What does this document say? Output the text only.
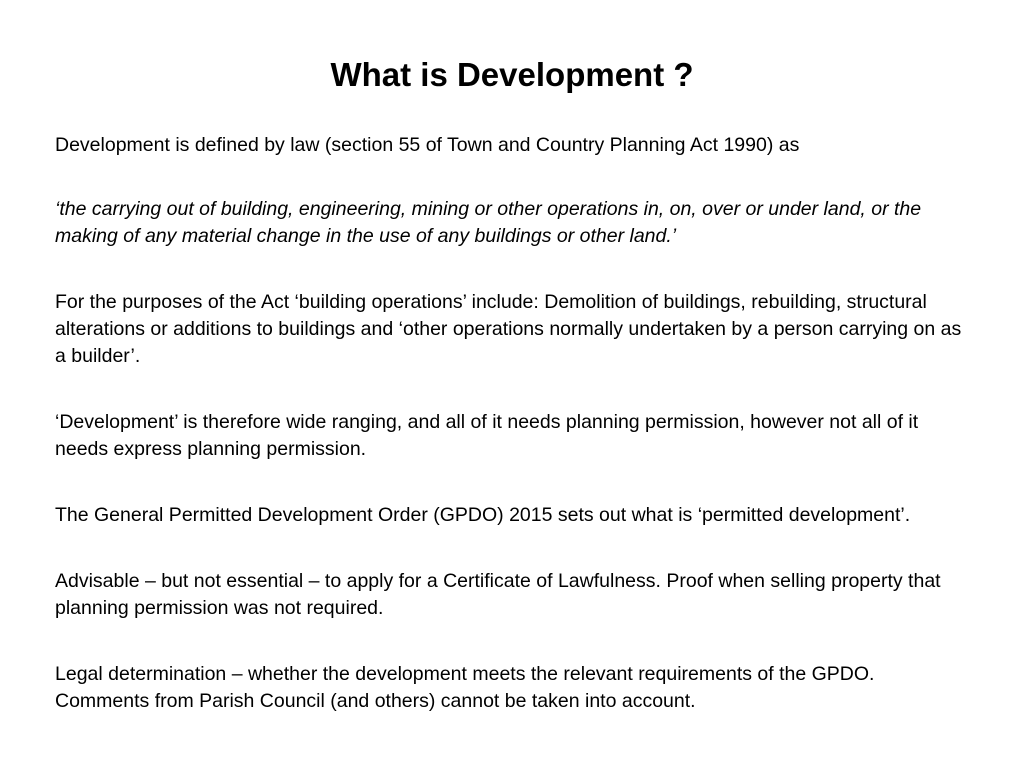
What is Development ?

Development is defined by law (section 55 of Town and Country Planning Act 1990) as

‘the carrying out of building, engineering, mining or other operations in, on, over or under land, or the making of any material change in the use of any buildings or other land.’

For the purposes of the Act ‘building operations’ include: Demolition of buildings, rebuilding, structural alterations or additions to buildings and ‘other operations normally undertaken by a person carrying on as a builder’.

‘Development’ is therefore wide ranging, and all of it needs planning permission, however not all of it needs express planning permission.

The General Permitted Development Order (GPDO) 2015 sets out what is ‘permitted development’.

Advisable – but not essential – to apply for a Certificate of Lawfulness. Proof when selling property that planning permission was not required.

Legal determination – whether the development meets the relevant requirements of the GPDO. Comments from Parish Council (and others) cannot be taken into account.
